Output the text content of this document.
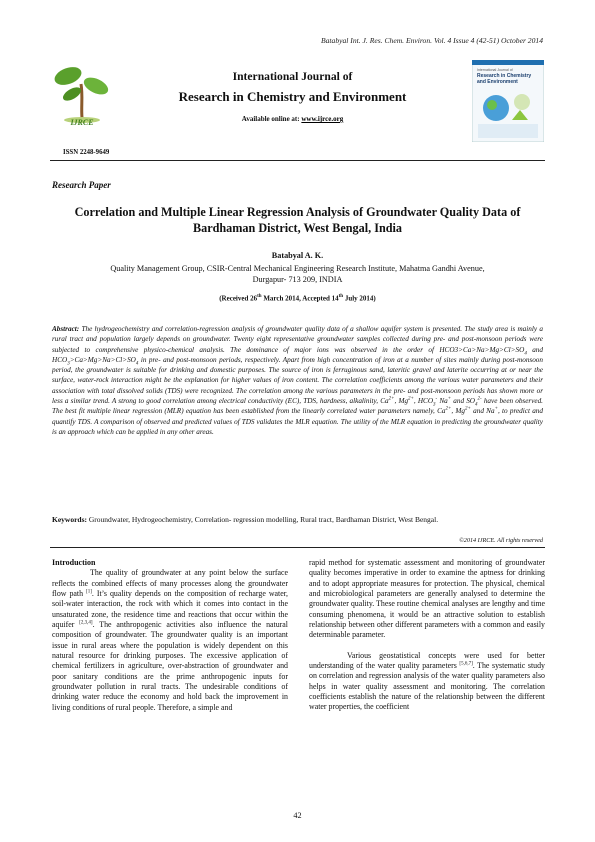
Batabyal Int. J. Res. Chem. Environ. Vol. 4 Issue 4 (42-51) October 2014
IJRCE
International Journal of
Research in Chemistry and Environment
Available online at: www.ijrce.org
International Journal of
Research in Chemistry and Environment
ISSN 2248-9649
Research Paper
Correlation and Multiple Linear Regression Analysis of Groundwater Quality Data of Bardhaman District, West Bengal, India
Batabyal A. K.
Quality Management Group, CSIR-Central Mechanical Engineering Research Institute, Mahatma Gandhi Avenue,
Durgapur- 713 209, INDIA
(Received 26th March 2014, Accepted 14th July 2014)
Abstract: The hydrogeochemistry and correlation-regression analysis of groundwater quality data of a shallow aquifer system is presented. The study area is mainly a rural tract and population largely depends on groundwater. Twenty eight representative groundwater samples collected during pre- and post-monsoon periods were subjected to comprehensive physico-chemical analysis. The dominance of major ions was observed in the order of $HCO3>Ca>Na>Mg>Cl>SO_4$ and $HCO_3>Ca>Mg>Na>Cl>SO_4$ in pre- and post-monsoon periods, respectively. Apart from high concentration of iron at a number of sites mainly during post-monsoon period, the groundwater is suitable for drinking and domestic purposes. The source of iron is ferruginous sand, lateritic gravel and laterite occurring at or near the surface, water-rock interaction might be the explanation for higher values of iron content. The correlation coefficients among the various water parameters and their association with total dissolved solids (TDS) were recognized. The correlation among the various parameters in the pre- and post-monsoon periods has shown more or less a similar trend. A strong to good correlation among electrical conductivity (EC), TDS, hardness, alkalinity, $Ca^{2+}$, $Mg^{2+}$, $HCO_3^-$ Na+ and $SO_4^{2-}$ have been observed. The best fit multiple linear regression (MLR) equation has been established from the linearly correlated water parameters namely, $Ca^{2+}$, $Mg^{2+}$ and Na+, to predict and quantify TDS. A comparison of observed and predicted values of TDS validates the MLR equation. The utility of the MLR equation in predicting the groundwater quality is an approach which can be applied in any other areas.
Keywords: Groundwater, Hydrogeochemistry, Correlation- regression modelling, Rural tract, Bardhaman District, West Bengal.
©2014 IJRCE. All rights reserved

Introduction

The quality of groundwater at any point below the surface reflects the combined effects of many processes along the groundwater flow path [1]. It’s quality depends on the composition of recharge water, soil-water interaction, the rock with which it comes into contact in the unsaturated zone, the residence time and reactions that occur within the aquifer [2,3,4]. The anthropogenic activities also influence the natural composition of groundwater. The groundwater quality is an important issue in rural areas where the population is widely dependent on this natural resource for drinking purposes. The excessive application of chemical fertilizers in agriculture, over-abstraction of groundwater and poor sanitary conditions are the prime anthropogenic inputs for groundwater pollution in rural tracts. The undesirable conditions of drinking water reduce the economy and hold back the improvement in living conditions of rural people. Therefore, a simple and

rapid method for systematic assessment and monitoring of groundwater quality becomes imperative in order to examine the aptness for drinking and to adopt appropriate measures for protection. The physical, chemical and microbiological parameters are generally analysed to determine the groundwater quality. These routine chemical analyses are lengthy and time consuming phenomena, it would be an attractive solution to establish relationship between other different parameters with a common and easily determinable parameter.

Various geostatistical concepts were used for better understanding of the water quality parameters [5,6,7]. The systematic study on correlation and regression analysis of the water quality parameters also helps in water quality assessment and monitoring. The correlation coefficients establish the nature of the relationship between the different water properties, the coefficient

42
